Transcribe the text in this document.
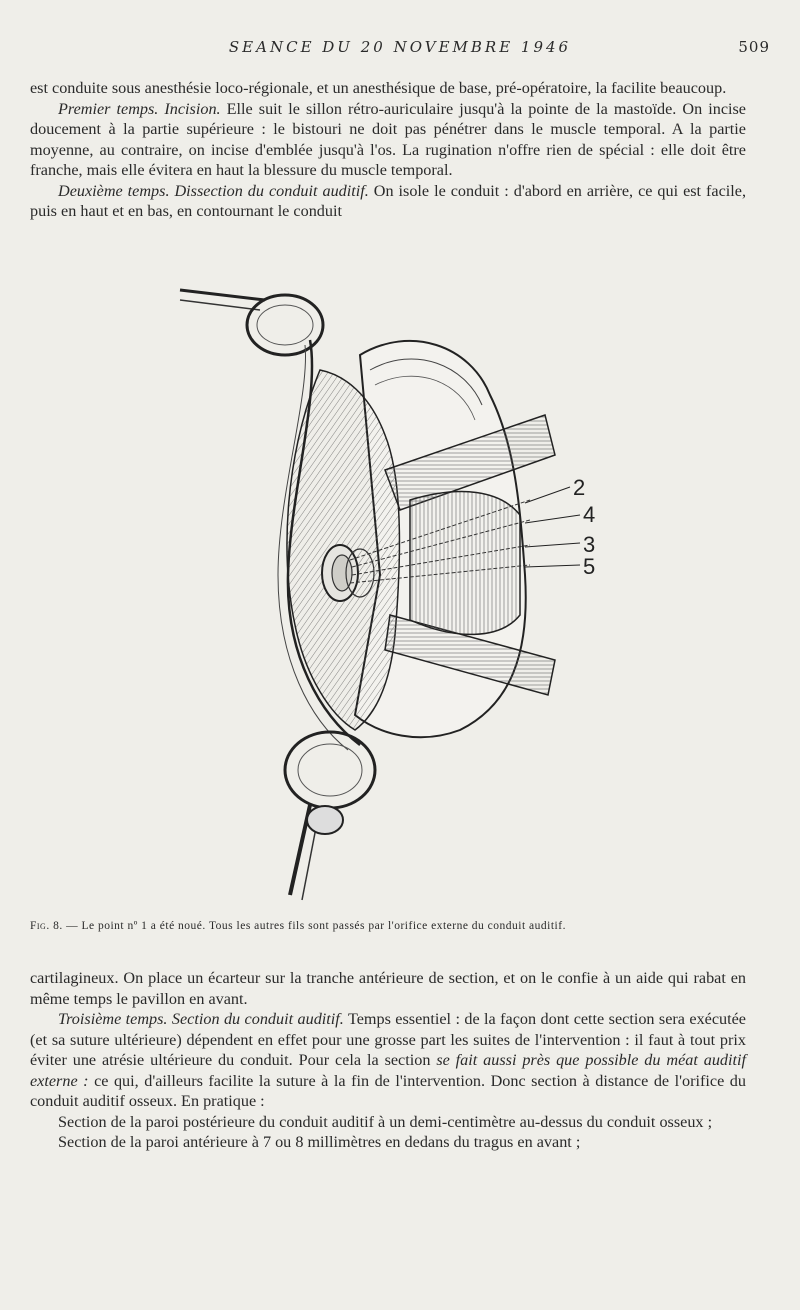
SEANCE DU 20 NOVEMBRE 1946	509

est conduite sous anesthésie loco-régionale, et un anesthésique de base, pré-opératoire, la facilite beaucoup.

Premier temps. Incision. Elle suit le sillon rétro-auriculaire jusqu'à la pointe de la mastoïde. On incise doucement à la partie supérieure : le bistouri ne doit pas pénétrer dans le muscle temporal. A la partie moyenne, au contraire, on incise d'emblée jusqu'à l'os. La rugination n'offre rien de spécial : elle doit être franche, mais elle évitera en haut la blessure du muscle temporal.

Deuxième temps. Dissection du conduit auditif. On isole le conduit : d'abord en arrière, ce qui est facile, puis en haut et en bas, en contournant le conduit

2
4
3
5
Fig. 8. — Le point nº 1 a été noué. Tous les autres fils sont passés par l'orifice externe du conduit auditif.

cartilagineux. On place un écarteur sur la tranche antérieure de section, et on le confie à un aide qui rabat en même temps le pavillon en avant.

Troisième temps. Section du conduit auditif. Temps essentiel : de la façon dont cette section sera exécutée (et sa suture ultérieure) dépendent en effet pour une grosse part les suites de l'intervention : il faut à tout prix éviter une atrésie ultérieure du conduit. Pour cela la section se fait aussi près que possible du méat auditif externe : ce qui, d'ailleurs facilite la suture à la fin de l'intervention. Donc section à distance de l'orifice du conduit auditif osseux. En pratique :

Section de la paroi postérieure du conduit auditif à un demi-centimètre au-dessus du conduit osseux ;

Section de la paroi antérieure à 7 ou 8 millimètres en dedans du tragus en avant ;
